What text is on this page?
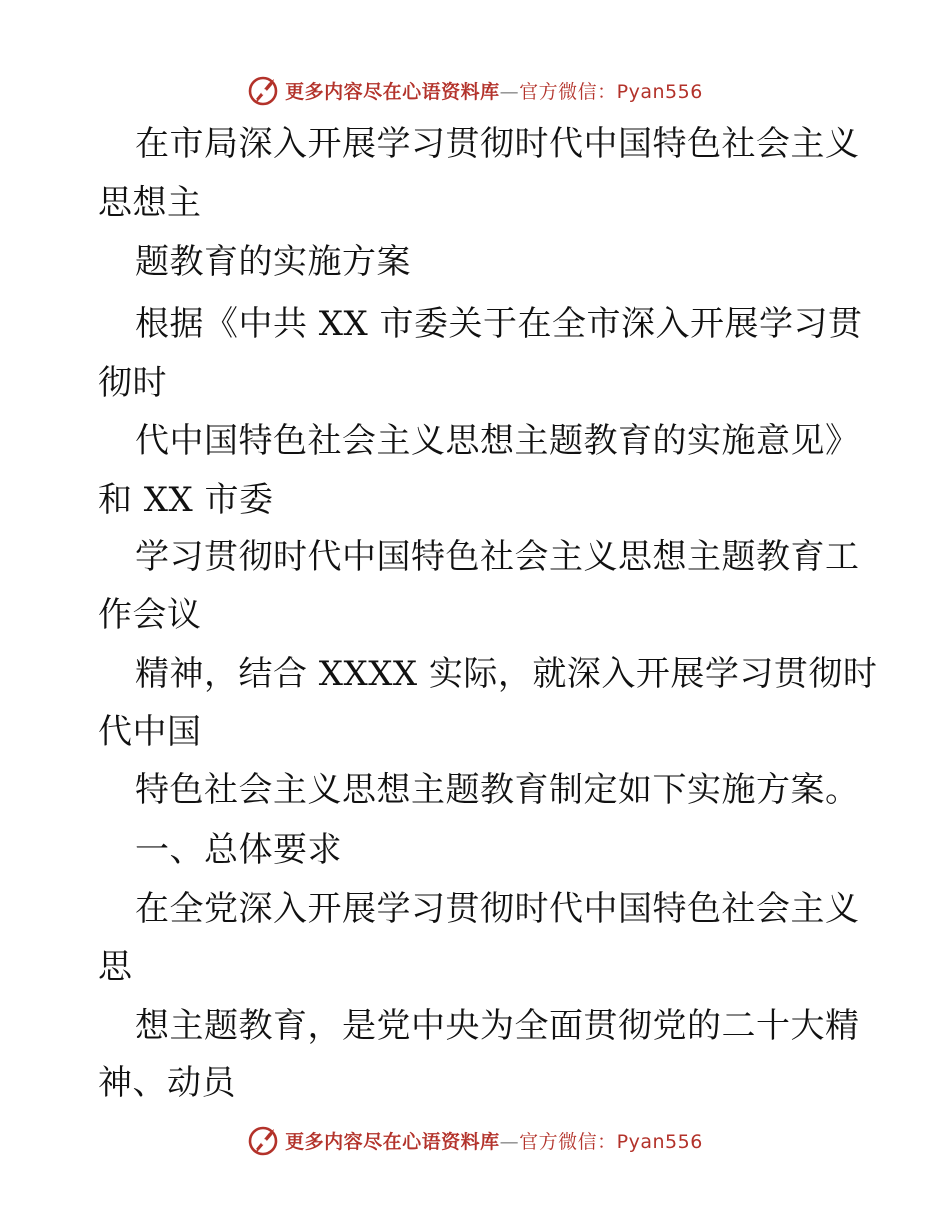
更多内容尽在心语资料库—官方微信：Pyan556
在市局深入开展学习贯彻时代中国特色社会主义
思想主
题教育的实施方案
根据《中共 XX 市委关于在全市深入开展学习贯
彻时
代中国特色社会主义思想主题教育的实施意见》
和 XX 市委
学习贯彻时代中国特色社会主义思想主题教育工
作会议
精神，结合 XXXX 实际，就深入开展学习贯彻时
代中国
特色社会主义思想主题教育制定如下实施方案。
一、总体要求
在全党深入开展学习贯彻时代中国特色社会主义
思
想主题教育，是党中央为全面贯彻党的二十大精
神、动员
更多内容尽在心语资料库—官方微信：Pyan556
